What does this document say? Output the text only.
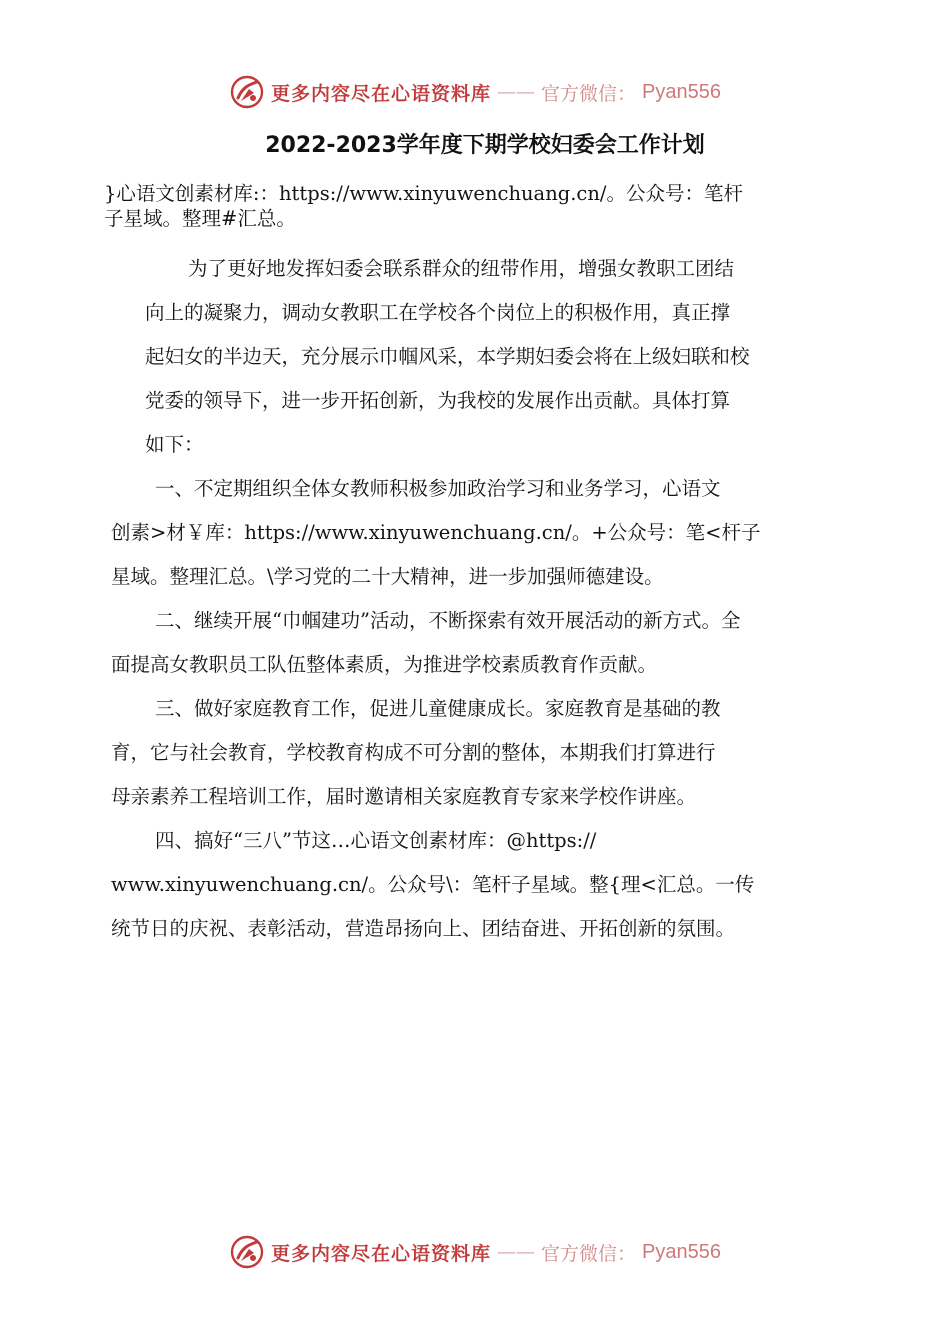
更多内容尽在心语资料库 —— 官方微信： Pyan556
2022-2023学年度下期学校妇委会工作计划
}心语文创素材库:：https://www.xinyuwenchuang.cn/。公众号：笔杆
子星域。整理#汇总。
为了更好地发挥妇委会联系群众的纽带作用，增强女教职工团结
向上的凝聚力，调动女教职工在学校各个岗位上的积极作用，真正撑
起妇女的半边天，充分展示巾帼风采，本学期妇委会将在上级妇联和校
党委的领导下，进一步开拓创新，为我校的发展作出贡献。具体打算
如下：
一、不定期组织全体女教师积极参加政治学习和业务学习，心语文
创素>材￥库：https://www.xinyuwenchuang.cn/。+公众号：笔<杆子
星域。整理汇总。\学习党的二十大精神，进一步加强师德建设。
二、继续开展“巾帼建功”活动，不断探索有效开展活动的新方式。全
面提高女教职员工队伍整体素质，为推进学校素质教育作贡献。
三、做好家庭教育工作，促进儿童健康成长。家庭教育是基础的教
育，它与社会教育，学校教育构成不可分割的整体，本期我们打算进行
母亲素养工程培训工作，届时邀请相关家庭教育专家来学校作讲座。
四、搞好“三八”节这…心语文创素材库：@https://
www.xinyuwenchuang.cn/。公众号\：笔杆子星域。整{理<汇总。一传
统节日的庆祝、表彰活动，营造昂扬向上、团结奋进、开拓创新的氛围。
更多内容尽在心语资料库 —— 官方微信： Pyan556
